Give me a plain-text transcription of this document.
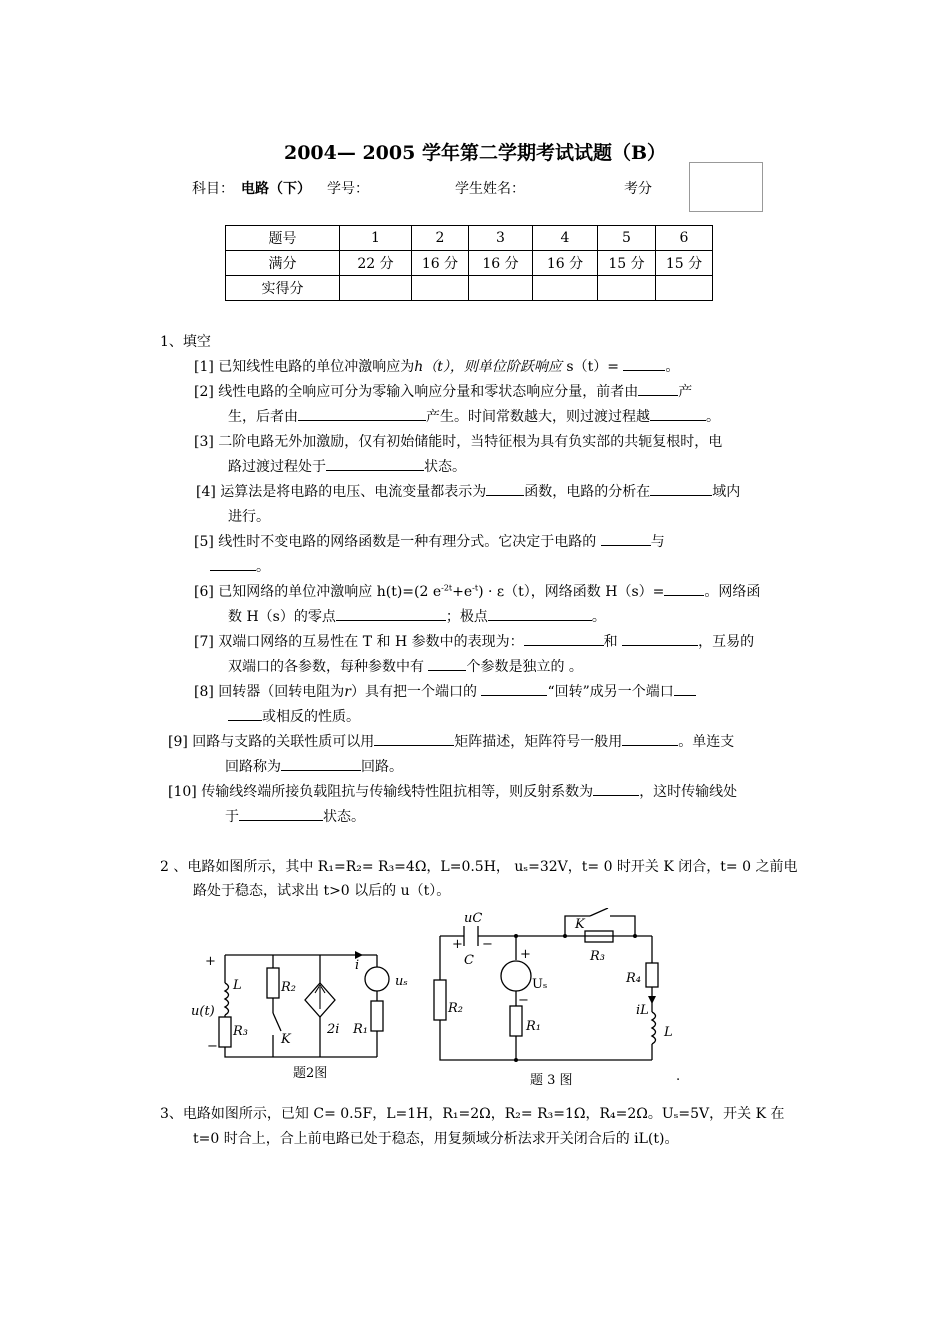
2004— 2005 学年第二学期考试试题（B）
科目： 电路（下） 学号：	学生姓名：	考分
题号	1	2	3	4	5	6
满分	22 分	16 分	16 分	16 分	15 分	15 分
实得分						
1、填空
[1] 已知线性电路的单位冲激响应为h（t），则单位阶跃响应 s（t）=	。
[2] 线性电路的全响应可分为零输入响应分量和零状态响应分量，前者由	产
生，后者由	产生。时间常数越大，则过渡过程越	。
[3] 二阶电路无外加激励，仅有初始储能时，当特征根为具有负实部的共轭复根时，电
路过渡过程处于	状态。
[4] 运算法是将电路的电压、电流变量都表示为	函数，电路的分析在	域内
进行。
[5] 线性时不变电路的网络函数是一种有理分式。它决定于电路的	与
。
[6] 已知网络的单位冲激响应 h(t)=(2 $e^{-2t}+e^{-t}) \cdot \varepsilon(t)$，网络函数 H（s）=	。网络函
数 H（s）的零点	；极点	。
[7] 双端口网络的互易性在 T 和 H 参数中的表现为：	和	，互易的
双端口的各参数，每种参数中有	个参数是独立的 。
[8] 回转器（回转电阻为r）具有把一个端口的	“回转”成另一个端口
或相反的性质。
[9] 回路与支路的关联性质可以用	矩阵描述，矩阵符号一般用	。单连支
回路称为	回路。
[10] 传输线终端所接负载阻抗与传输线特性阻抗相等，则反射系数为	，这时传输线处
于	状态。
2 、电路如图所示，其中 R₁=R₂= R₃=4Ω，L=0.5H， uₛ=32V，t= 0 时开关 K 闭合，t= 0 之前电
路处于稳态，试求出 t>0 以后的 u（t）。
+
−
L
u(t)
R₃
R₂
K
2i
i
uₛ
R₁
题2图
uC
+ −
C
K
R₃
R₄
iL
L
+
−
Uₛ
R₁
R₂
.
题 3 图
3、电路如图所示，已知 C= 0.5F，L=1H，R₁=2Ω，R₂= R₃=1Ω，R₄=2Ω。Uₛ=5V，开关 K 在
t=0 时合上，合上前电路已处于稳态，用复频域分析法求开关闭合后的 iL(t)。
